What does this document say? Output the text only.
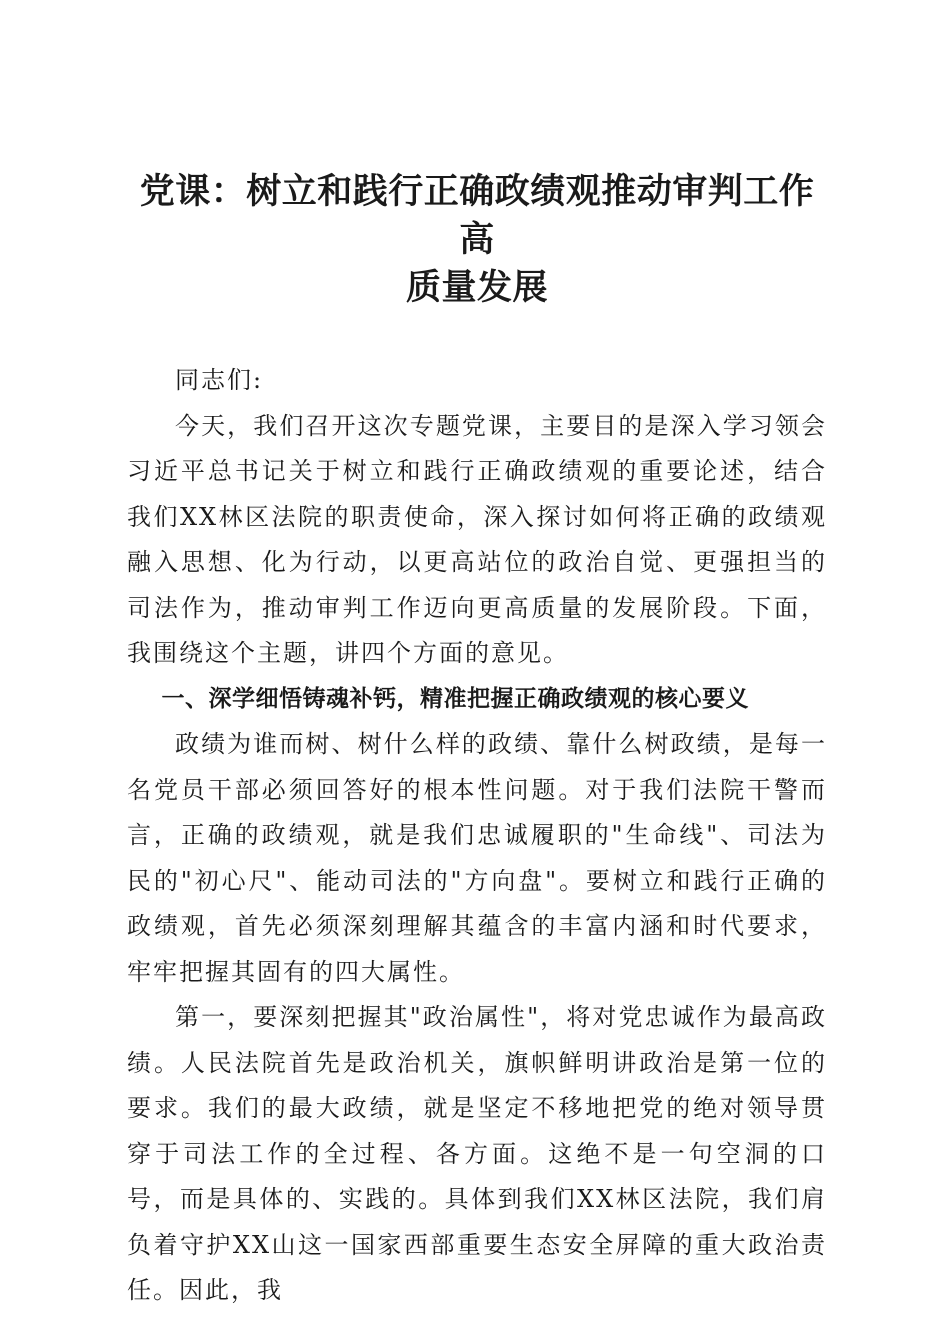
党课：树立和践行正确政绩观推动审判工作高
质量发展

同志们:

今天，我们召开这次专题党课，主要目的是深入学习领会习近平总书记关于树立和践行正确政绩观的重要论述，结合我们XX林区法院的职责使命，深入探讨如何将正确的政绩观融入思想、化为行动，以更高站位的政治自觉、更强担当的司法作为，推动审判工作迈向更高质量的发展阶段。下面，我围绕这个主题，讲四个方面的意见。

一、深学细悟铸魂补钙，精准把握正确政绩观的核心要义

政绩为谁而树、树什么样的政绩、靠什么树政绩，是每一名党员干部必须回答好的根本性问题。对于我们法院干警而言，正确的政绩观，就是我们忠诚履职的"生命线"、司法为民的"初心尺"、能动司法的"方向盘"。要树立和践行正确的政绩观，首先必须深刻理解其蕴含的丰富内涵和时代要求，牢牢把握其固有的四大属性。

第一，要深刻把握其"政治属性"，将对党忠诚作为最高政绩。人民法院首先是政治机关，旗帜鲜明讲政治是第一位的要求。我们的最大政绩，就是坚定不移地把党的绝对领导贯穿于司法工作的全过程、各方面。这绝不是一句空洞的口号，而是具体的、实践的。具体到我们XX林区法院，我们肩负着守护XX山这一国家西部重要生态安全屏障的重大政治责任。因此，我
